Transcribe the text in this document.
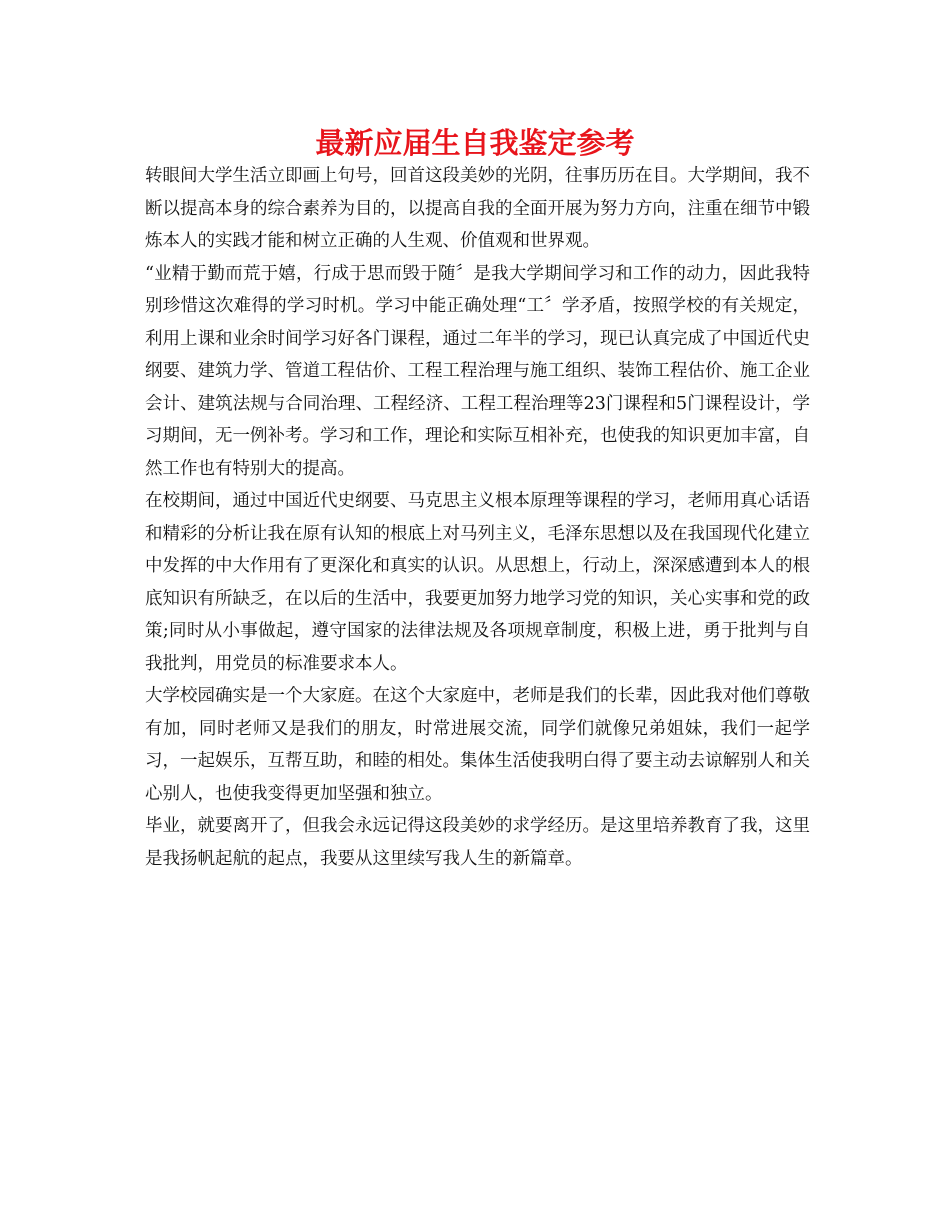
最新应届生自我鉴定参考

转眼间大学生活立即画上句号，回首这段美妙的光阴，往事历历在目。大学期间，我不断以提高本身的综合素养为目的，以提高自我的全面开展为努力方向，注重在细节中锻炼本人的实践才能和树立正确的人生观、价值观和世界观。

“业精于勤而荒于嬉，行成于思而毁于随〞是我大学期间学习和工作的动力，因此我特别珍惜这次难得的学习时机。学习中能正确处理“工〞学矛盾，按照学校的有关规定，利用上课和业余时间学习好各门课程，通过二年半的学习，现已认真完成了中国近代史纲要、建筑力学、管道工程估价、工程工程治理与施工组织、装饰工程估价、施工企业会计、建筑法规与合同治理、工程经济、工程工程治理等23门课程和5门课程设计，学习期间，无一例补考。学习和工作，理论和实际互相补充，也使我的知识更加丰富，自然工作也有特别大的提高。

在校期间，通过中国近代史纲要、马克思主义根本原理等课程的学习，老师用真心话语和精彩的分析让我在原有认知的根底上对马列主义，毛泽东思想以及在我国现代化建立中发挥的中大作用有了更深化和真实的认识。从思想上，行动上，深深感遭到本人的根底知识有所缺乏，在以后的生活中，我要更加努力地学习党的知识，关心实事和党的政策;同时从小事做起，遵守国家的法律法规及各项规章制度，积极上进，勇于批判与自我批判，用党员的标准要求本人。

大学校园确实是一个大家庭。在这个大家庭中，老师是我们的长辈，因此我对他们尊敬有加，同时老师又是我们的朋友，时常进展交流，同学们就像兄弟姐妹，我们一起学习，一起娱乐，互帮互助，和睦的相处。集体生活使我明白得了要主动去谅解别人和关心别人，也使我变得更加坚强和独立。

毕业，就要离开了，但我会永远记得这段美妙的求学经历。是这里培养教育了我，这里是我扬帆起航的起点，我要从这里续写我人生的新篇章。
